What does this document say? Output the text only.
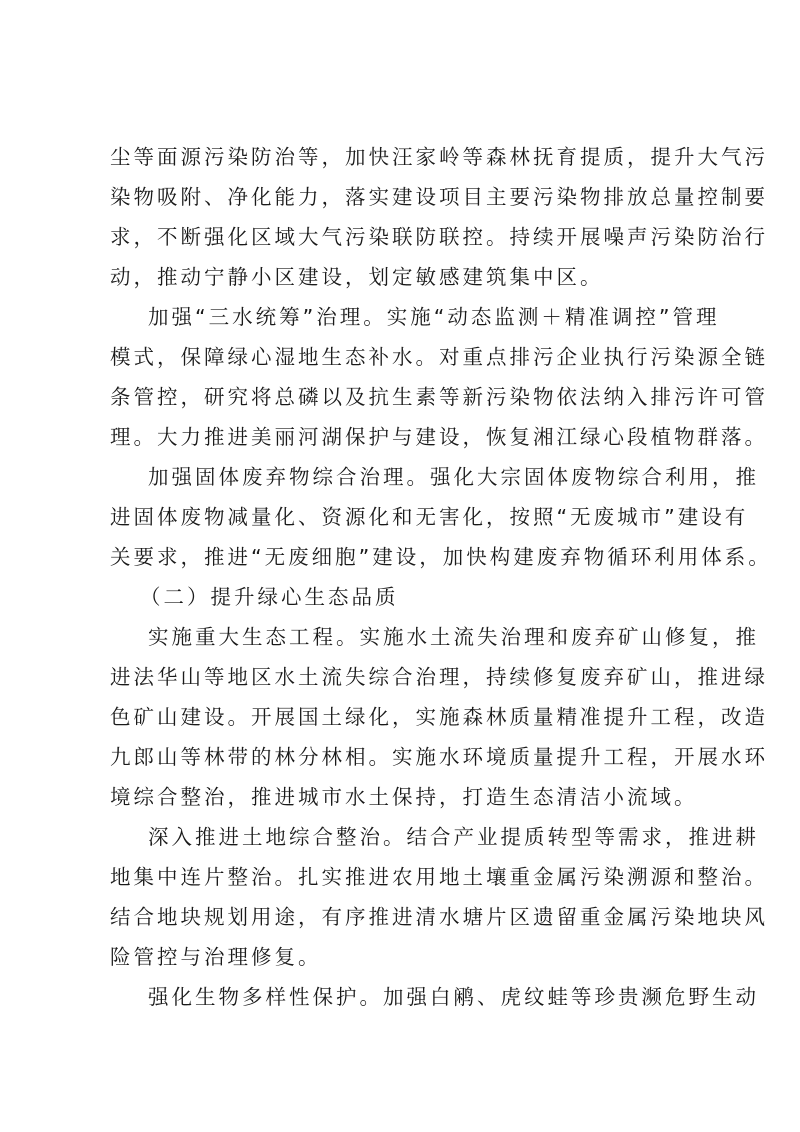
尘等面源污染防治等，加快汪家岭等森林抚育提质，提升大气污
染物吸附、净化能力，落实建设项目主要污染物排放总量控制要
求，不断强化区域大气污染联防联控。持续开展噪声污染防治行
动，推动宁静小区建设，划定敏感建筑集中区。
加强“三水统筹”治理。实施“动态监测＋精准调控”管理
模式，保障绿心湿地生态补水。对重点排污企业执行污染源全链
条管控，研究将总磷以及抗生素等新污染物依法纳入排污许可管
理。大力推进美丽河湖保护与建设，恢复湘江绿心段植物群落。
加强固体废弃物综合治理。强化大宗固体废物综合利用，推
进固体废物减量化、资源化和无害化，按照“无废城市”建设有
关要求，推进“无废细胞”建设，加快构建废弃物循环利用体系。
（二）提升绿心生态品质
实施重大生态工程。实施水土流失治理和废弃矿山修复，推
进法华山等地区水土流失综合治理，持续修复废弃矿山，推进绿
色矿山建设。开展国土绿化，实施森林质量精准提升工程，改造
九郎山等林带的林分林相。实施水环境质量提升工程，开展水环
境综合整治，推进城市水土保持，打造生态清洁小流域。
深入推进土地综合整治。结合产业提质转型等需求，推进耕
地集中连片整治。扎实推进农用地土壤重金属污染溯源和整治。
结合地块规划用途，有序推进清水塘片区遗留重金属污染地块风
险管控与治理修复。
强化生物多样性保护。加强白鹇、虎纹蛙等珍贵濒危野生动
